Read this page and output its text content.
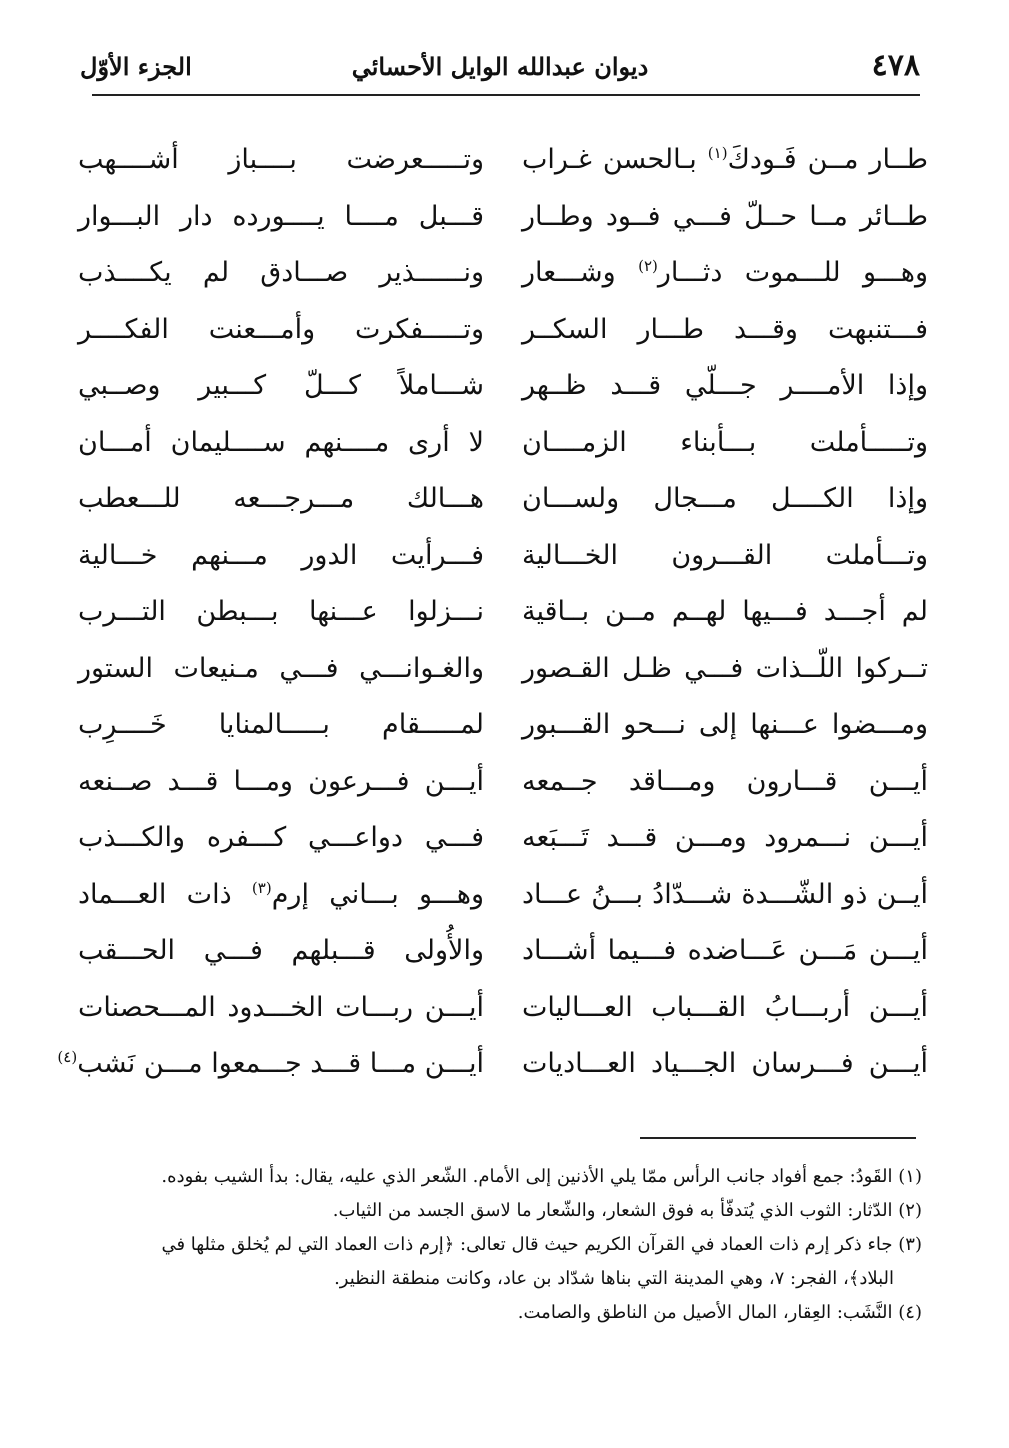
٤٧٨
ديوان عبدالله الوايل الأحسائي
الجزء الأوّل
طــار مــن فَـودكَ$^{(١)}$ بـالحسن غـراب
وتـــــعرضت بــــباز أشــــهب
طــائر مــا حــلّ فـــي فــود وطــار
قـــبل مــــا يــــورده دار البـــوار
وهـــو للـــموت دثـــار$^{(٢)}$ وشـــعار
ونــــــذير صـــادق لم يكــــذب
فـــتنبهت وقـــد طـــار السكــر
وتـــــفكرت وأمـــعنت الفكــــر
وإذا الأمــــر جـــلّي قـــد ظــهر
شـــاملاً كـــلّ كـــبير وصــبي
وتـــــأملت بـــأبناء الزمــــان
لا أرى مــــنهم ســــليمان أمـــان
وإذا الكــــل مـــجال ولســـان
هـــالك مـــرجـــعه للـــعطب
وتـــأملت القـــرون الخـــالية
فـــرأيت الدور مـــنهم خـــالية
لم أجـــد فـــيها لهــم مــن بــاقية
نـــزلوا عـــنها بـــبطن التـــرب
تــركوا اللّــذات فـــي ظـل القـصور
والغـوانـــي فـــي مـنيعات الستور
ومـــضوا عـــنها إلى نـــحو القـــبور
لمـــــقام بـــــالمنايا خَــــرِب
أيـــن قـــارون ومـــاقد جــمعه
أيـــن فـــرعون ومـــا قـــد صــنعه
أيـــن نـــمرود ومـــن قـــد تَـــبَعه
فـــي دواعـــي كـــفره والكـــذب
أيــن ذو الشّـــدة شـــدّادُ بـــنُ عـــاد
وهـــو بـــاني إرم$^{(٣)}$ ذات العـــماد
أيـــن مَـــن عَـــاضده فـــيما أشـــاد
والأُولى قـــبلهم فـــي الحـــقب
أيـــن أربـــابُ القـــباب العـــاليات
أيـــن ربـــات الخـــدود المـــحصنات
أيـــن فـــرسان الجـــياد العـــاديات
أيـــن مـــا قـــد جـــمعوا مـــن نَشب$^{(٤)}$
(١) القَودُ: جمع أفواد جانب الرأس ممّا يلي الأذنين إلى الأمام. الشّعر الذي عليه، يقال: بدأ الشيب بفوده.
(٢) الدّثار: الثوب الذي يُتدفّأ به فوق الشعار، والشّعار ما لاسق الجسد من الثياب.
(٣) جاء ذكر إرم ذات العماد في القرآن الكريم حيث قال تعالى: ﴿إرم ذات العماد التي لم يُخلق مثلها في
البلاد﴾، الفجر: ٧، وهي المدينة التي بناها شدّاد بن عاد، وكانت منطقة النظير.
(٤) النَّشَب: العِقار، المال الأصيل من الناطق والصامت.
